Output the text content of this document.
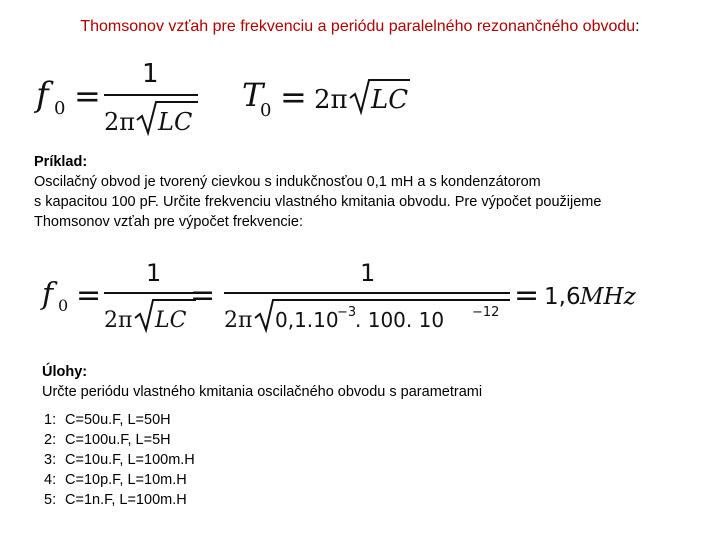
Thomsonov vzťah pre frekvenciu a periódu paralelného rezonančného obvodu:
f 0 =
1
2π LC
T
0 = 2π LC
Príklad:
Oscilačný obvod je tvorený cievkou s indukčnosťou 0,1 mH a s kondenzátorom
s kapacitou 100 pF. Určite frekvenciu vlastného kmitania obvodu. Pre výpočet použijeme
Thomsonov vzťah pre výpočet frekvencie:
f 0 =
1
2π LC
=
1
2π 0,1.10
−3
. 100. 10 −12 = 1,6 MHz
Úlohy:
Určte periódu vlastného kmitania oscilačného obvodu s parametrami
1: C=50u.F, L=50H
2: C=100u.F, L=5H
3: C=10u.F, L=100m.H
4: C=10p.F, L=10m.H
5: C=1n.F, L=100m.H
